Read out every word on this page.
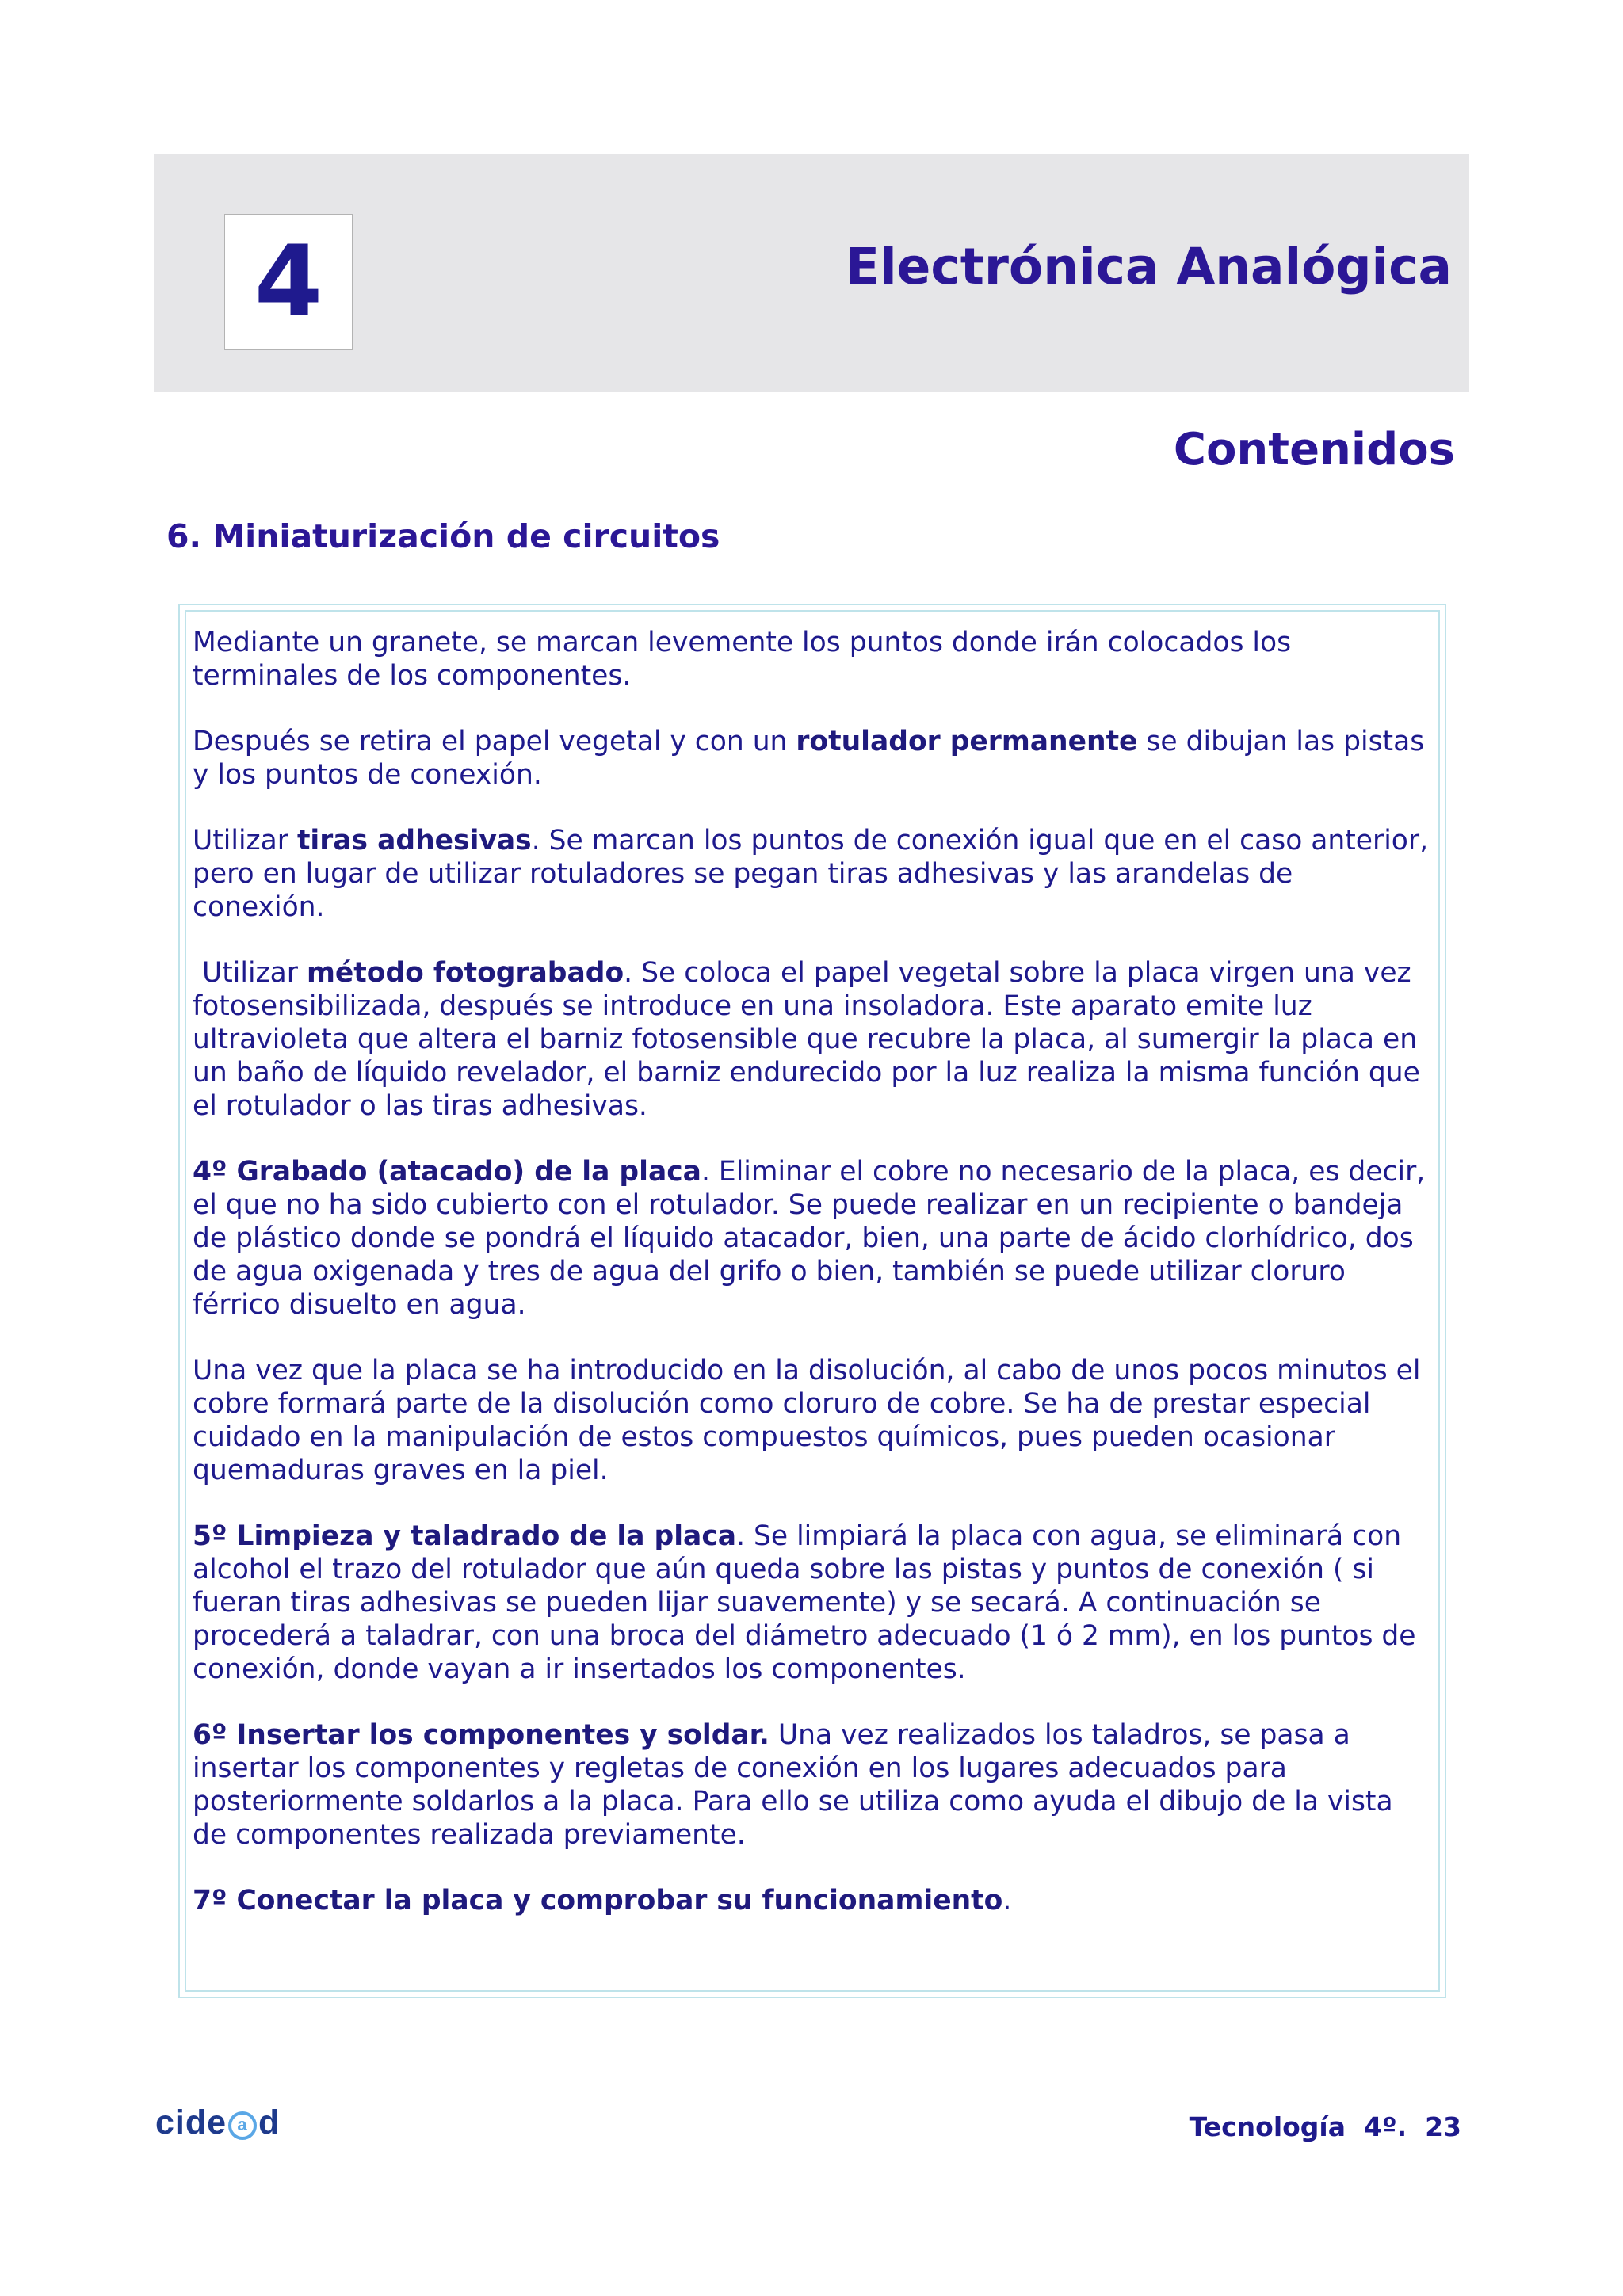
4	Electrónica Analógica
Contenidos
6. Miniaturización de circuitos

Mediante un granete, se marcan levemente los puntos donde irán colocados los terminales de los componentes.

Después se retira el papel vegetal y con un rotulador permanente se dibujan las pistas y los puntos de conexión.

Utilizar tiras adhesivas. Se marcan los puntos de conexión igual que en el caso anterior, pero en lugar de utilizar rotuladores se pegan tiras adhesivas y las arandelas de conexión.

Utilizar método fotograbado. Se coloca el papel vegetal sobre la placa virgen una vez fotosensibilizada, después se introduce en una insoladora. Este aparato emite luz ultravioleta que altera el barniz fotosensible que recubre la placa, al sumergir la placa en un baño de líquido revelador, el barniz endurecido por la luz realiza la misma función que el rotulador o las tiras adhesivas.

4º Grabado (atacado) de la placa. Eliminar el cobre no necesario de la placa, es decir, el que no ha sido cubierto con el rotulador. Se puede realizar en un recipiente o bandeja de plástico donde se pondrá el líquido atacador, bien, una parte de ácido clorhídrico, dos de agua oxigenada y tres de agua del grifo o bien, también se puede utilizar cloruro férrico disuelto en agua.

Una vez que la placa se ha introducido en la disolución, al cabo de unos pocos minutos el cobre formará parte de la disolución como cloruro de cobre. Se ha de prestar especial cuidado en la manipulación de estos compuestos químicos, pues pueden ocasionar quemaduras graves en la piel.

5º Limpieza y taladrado de la placa. Se limpiará la placa con agua, se eliminará con alcohol el trazo del rotulador que aún queda sobre las pistas y puntos de conexión ( si fueran tiras adhesivas se pueden lijar suavemente) y se secará. A continuación se procederá a taladrar, con una broca del diámetro adecuado (1 ó 2 mm), en los puntos de conexión, donde vayan a ir insertados los componentes.

6º Insertar los componentes y soldar. Una vez realizados los taladros, se pasa a insertar los componentes y regletas de conexión en los lugares adecuados para posteriormente soldarlos a la placa. Para ello se utiliza como ayuda el dibujo de la vista de componentes realizada previamente.

7º Conectar la placa y comprobar su funcionamiento.

cide a d	Tecnología  4º.  23
